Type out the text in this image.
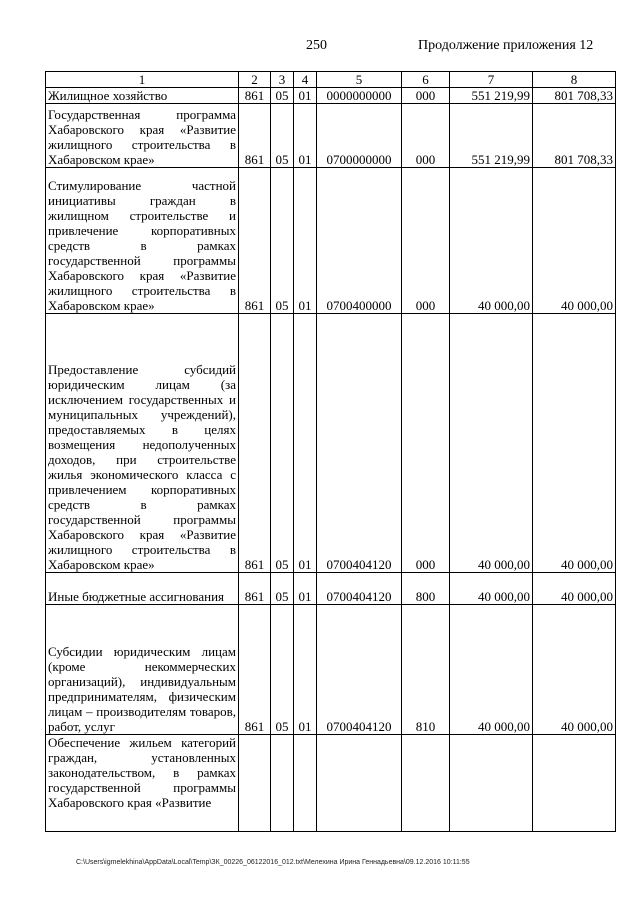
250	Продолжение приложения 12
1	2	3	4	5	6	7	8
Жилищное хозяйство	861	05	01	0000000000	000	551 219,99	801 708,33
Государственная программа Хабаровского края «Развитие жилищного строительства в Хабаровском крае»	861	05	01	0700000000	000	551 219,99	801 708,33
Стимулирование частной инициативы граждан в жилищном строительстве и привлечение корпоративных средств в рамках государственной программы Хабаровского края «Развитие жилищного строительства в Хабаровском крае»	861	05	01	0700400000	000	40 000,00	40 000,00
Предоставление субсидий юридическим лицам (за исключением государственных и муниципальных учреждений), предоставляемых в целях возмещения недополученных доходов, при строительстве жилья экономического класса с привлечением корпоративных средств в рамках государственной программы Хабаровского края «Развитие жилищного строительства в Хабаровском крае»	861	05	01	0700404120	000	40 000,00	40 000,00
Иные бюджетные ассигнования	861	05	01	0700404120	800	40 000,00	40 000,00
Субсидии юридическим лицам (кроме некоммерческих организаций), индивидуальным предпринимателям, физическим лицам – производителям товаров, работ, услуг	861	05	01	0700404120	810	40 000,00	40 000,00
Обеспечение жильем категорий граждан, установленных законодательством, в рамках государственной программы Хабаровского края «Развитие							
C:\Users\igmelekhina\AppData\Local\Temp\ЗК_00226_06122016_012.txt\Мелехина Ирина Геннадьевна\09.12.2016 10:11:55
